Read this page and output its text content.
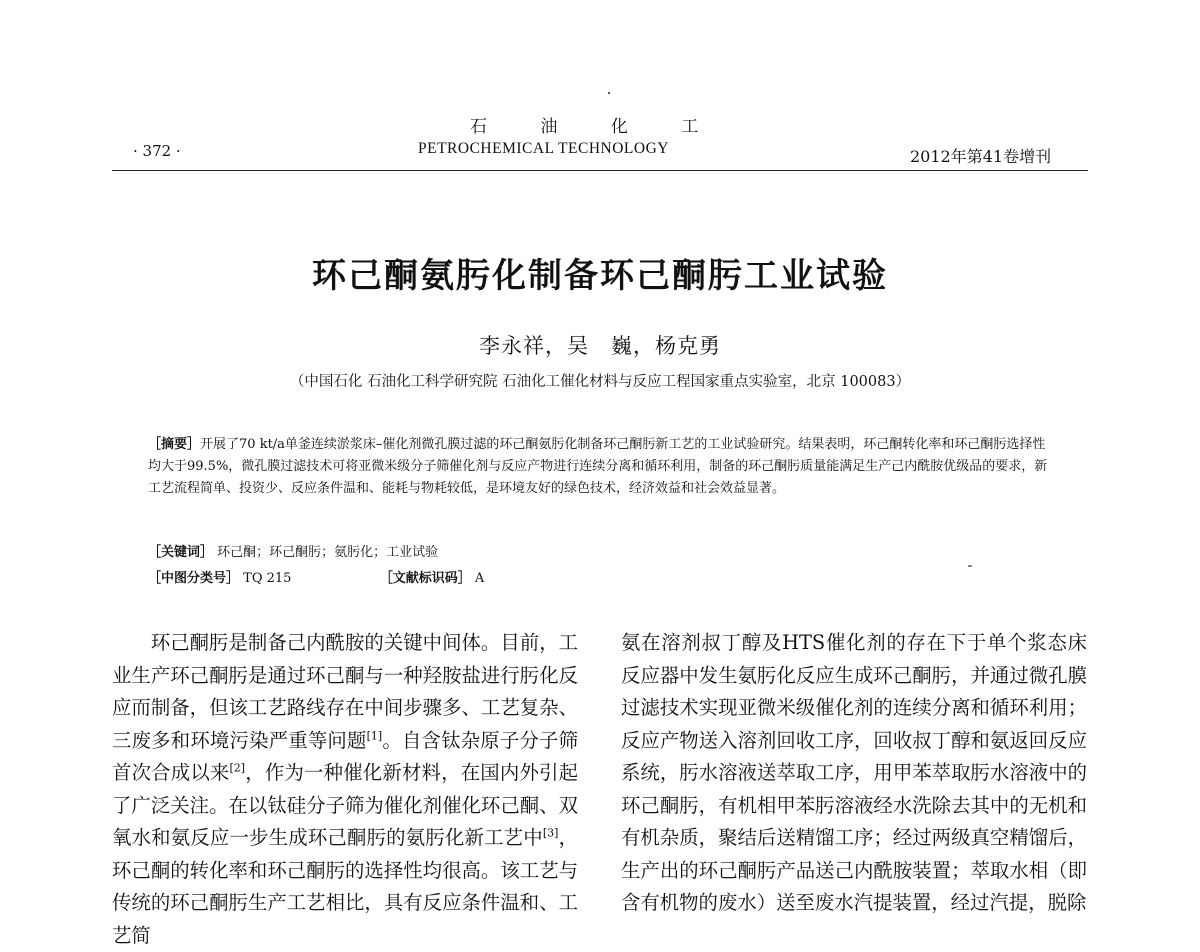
石 油 化 工
PETROCHEMICAL TECHNOLOGY
· 372 ·	2012年第41卷增刊
环己酮氨肟化制备环己酮肟工业试验
李永祥，吴　巍，杨克勇
（中国石化 石油化工科学研究院 石油化工催化材料与反应工程国家重点实验室，北京 100083）

［摘要］开展了70 kt/a单釜连续淤浆床–催化剂微孔膜过滤的环己酮氨肟化制备环己酮肟新工艺的工业试验研究。结果表明，环己酮转化率和环己酮肟选择性均大于99.5%，微孔膜过滤技术可将亚微米级分子筛催化剂与反应产物进行连续分离和循环利用，制备的环己酮肟质量能满足生产己内酰胺优级品的要求，新工艺流程简单、投资少、反应条件温和、能耗与物耗较低，是环境友好的绿色技术，经济效益和社会效益显著。

［关键词］ 环己酮；环己酮肟；氨肟化；工业试验
［中图分类号］ TQ 215	［文献标识码］ A

环己酮肟是制备己内酰胺的关键中间体。目前，工业生产环己酮肟是通过环己酮与一种羟胺盐进行肟化反应而制备，但该工艺路线存在中间步骤多、工艺复杂、三废多和环境污染严重等问题[1]。自含钛杂原子分子筛首次合成以来[2]，作为一种催化新材料，在国内外引起了广泛关注。在以钛硅分子筛为催化剂催化环己酮、双氧水和氨反应一步生成环己酮肟的氨肟化新工艺中[3]，环己酮的转化率和环己酮肟的选择性均很高。该工艺与传统的环己酮肟生产工艺相比，具有反应条件温和、工艺简

氨在溶剂叔丁醇及HTS催化剂的存在下于单个浆态床反应器中发生氨肟化反应生成环己酮肟，并通过微孔膜过滤技术实现亚微米级催化剂的连续分离和循环利用；反应产物送入溶剂回收工序，回收叔丁醇和氨返回反应系统，肟水溶液送萃取工序，用甲苯萃取肟水溶液中的环己酮肟，有机相甲苯肟溶液经水洗除去其中的无机和有机杂质，聚结后送精馏工序；经过两级真空精馏后，生产出的环己酮肟产品送己内酰胺装置；萃取水相（即含有机物的废水）送至废水汽提装置，经过汽提，脱除
